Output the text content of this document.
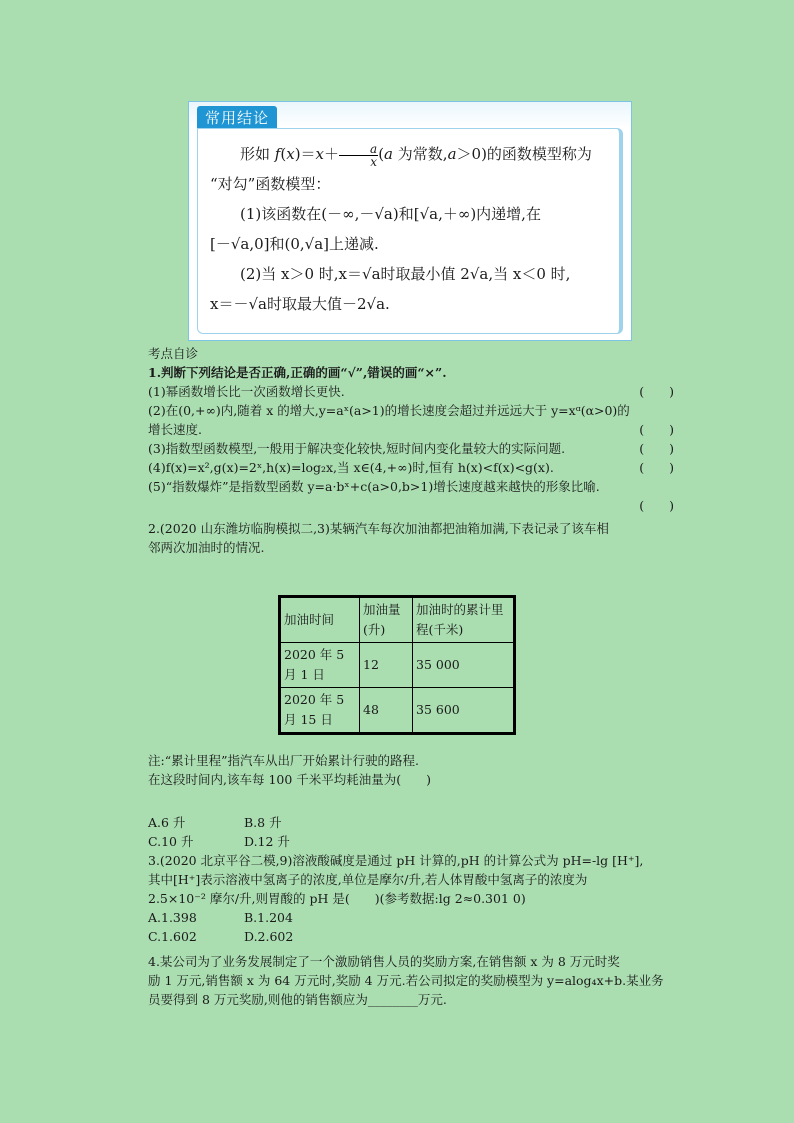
常用结论

形如 $f(x)=x+ \frac{a}{x} (a$ 为常数,a＞0)的函数模型称为

“对勾”函数模型：

(1)该函数在(－∞,－√a)和[√a,＋∞)内递增,在

[－√a,0]和(0,√a]上递减.

(2)当 x＞0 时,x＝√a时取最小值 2√a,当 x＜0 时,

x＝－√a时取最大值－2√a.

考点自诊
1.判断下列结论是否正确,正确的画“√”,错误的画“×”.
(1)幂函数增长比一次函数增长更快.	(　　)
(2)在(0,+∞)内,随着 x 的增大,y=aˣ(a>1)的增长速度会超过并远远大于 y=xᵅ(α>0)的
增长速度.	(　　)
(3)指数型函数模型,一般用于解决变化较快,短时间内变化量较大的实际问题.	(　　)
(4)f(x)=x²,g(x)=2ˣ,h(x)=log₂x,当 x∈(4,+∞)时,恒有 h(x)<f(x)<g(x).	(　　)
(5)“指数爆炸”是指数型函数 y=a·bˣ+c(a>0,b>1)增长速度越来越快的形象比喻.
(　　)
2.(2020 山东潍坊临朐模拟二,3)某辆汽车每次加油都把油箱加满,下表记录了该车相
邻两次加油时的情况.
加油时间	加油量(升)	加油时的累计里程(千米)
2020 年 5 月 1 日	12	35 000
2020 年 5 月 15 日	48	35 600
注:“累计里程”指汽车从出厂开始累计行驶的路程.
在这段时间内,该车每 100 千米平均耗油量为(　　)
A.6 升	B.8 升
C.10 升	D.12 升
3.(2020 北京平谷二模,9)溶液酸碱度是通过 pH 计算的,pH 的计算公式为 pH=-lg [H⁺],
其中[H⁺]表示溶液中氢离子的浓度,单位是摩尔/升,若人体胃酸中氢离子的浓度为
2.5×10⁻² 摩尔/升,则胃酸的 pH 是(　　)(参考数据:lg 2≈0.301 0)
A.1.398	B.1.204
C.1.602	D.2.602
4.某公司为了业务发展制定了一个激励销售人员的奖励方案,在销售额 x 为 8 万元时奖
励 1 万元,销售额 x 为 64 万元时,奖励 4 万元.若公司拟定的奖励模型为 y=alog₄x+b.某业务
员要得到 8 万元奖励,则他的销售额应为________万元.
